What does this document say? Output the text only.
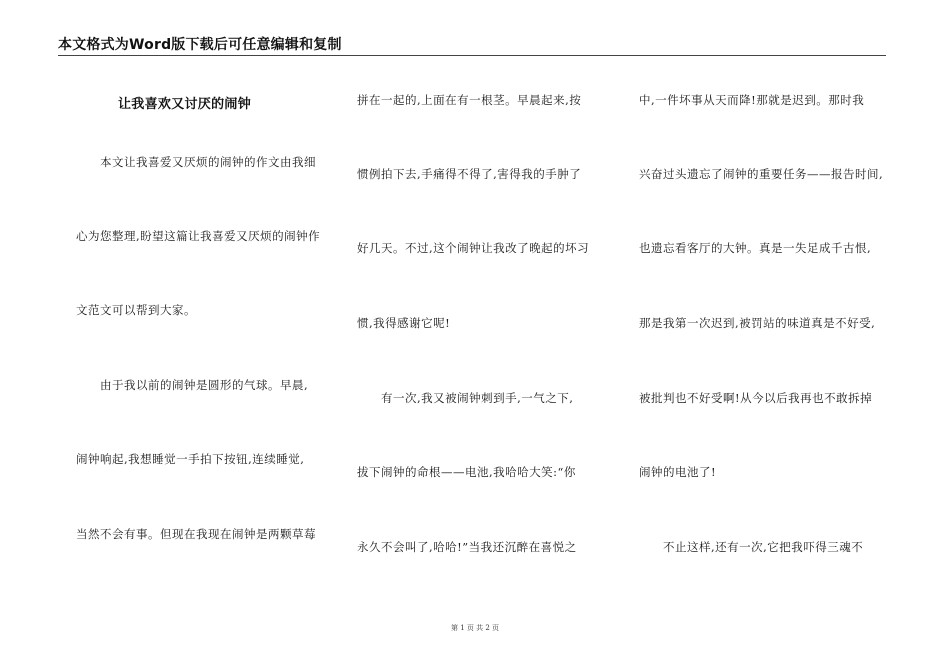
本文格式为Word版下载后可任意编辑和复制
让我喜欢又讨厌的闹钟
本文让我喜爱又厌烦的闹钟的作文由我细
心为您整理,盼望这篇让我喜爱又厌烦的闹钟作
文范文可以帮到大家。
由于我以前的闹钟是圆形的气球。早晨,
闹钟响起,我想睡觉一手拍下按钮,连续睡觉,
当然不会有事。但现在我现在闹钟是两颗草莓
拼在一起的,上面在有一根茎。早晨起来,按
惯例拍下去,手痛得不得了,害得我的手肿了
好几天。不过,这个闹钟让我改了晚起的坏习
惯,我得感谢它呢!
有一次,我又被闹钟刺到手,一气之下,
拔下闹钟的命根——电池,我哈哈大笑:“你
永久不会叫了,哈哈!”当我还沉醉在喜悦之
中,一件坏事从天而降!那就是迟到。那时我
兴奋过头遗忘了闹钟的重要任务——报告时间,
也遗忘看客厅的大钟。真是一失足成千古恨,
那是我第一次迟到,被罚站的味道真是不好受,
被批判也不好受啊!从今以后我再也不敢拆掉
闹钟的电池了!
不止这样,还有一次,它把我吓得三魂不
第 1 页 共 2 页
